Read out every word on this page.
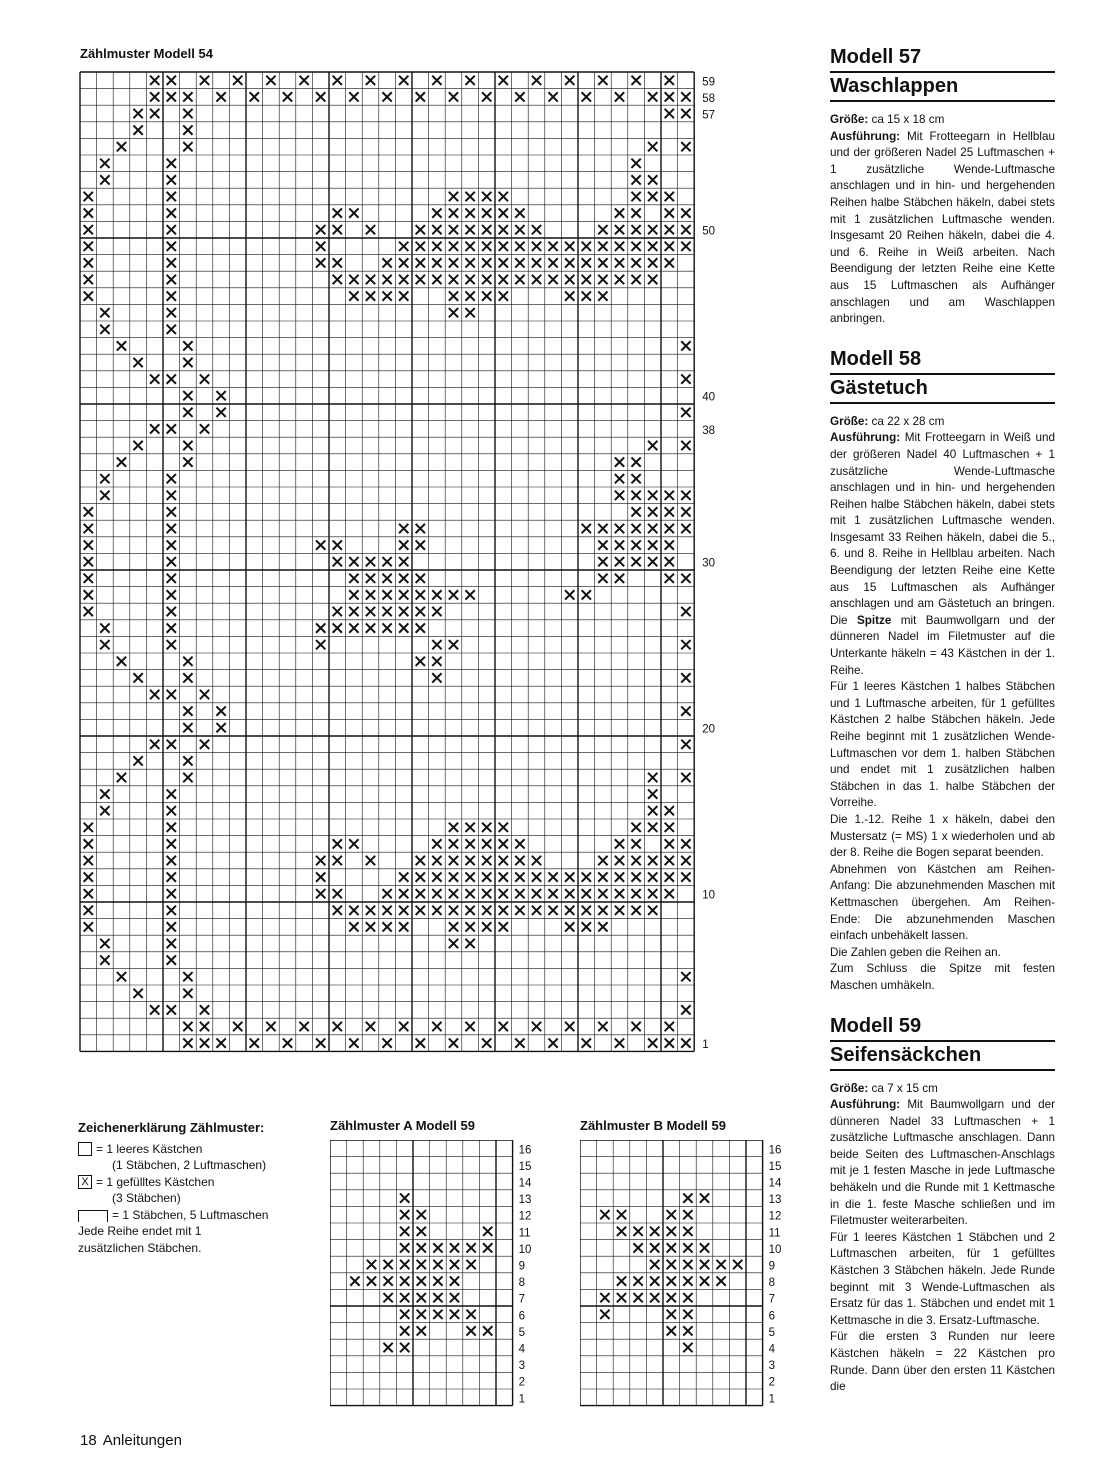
Zählmuster Modell 54
59
58
57
50
40
38
30
20
10
1
Modell 57
Waschlappen

Größe: ca 15 x 18 cm
Ausführung: Mit Frotteegarn in Hellblau und der größeren Nadel 25 Luftmaschen + 1 zusätzliche Wende-Luftmasche anschlagen und in hin- und hergehenden Reihen halbe Stäbchen häkeln, dabei stets mit 1 zusätzlichen Luftmasche wenden. Insgesamt 20 Reihen häkeln, dabei die 4. und 6. Reihe in Weiß arbeiten. Nach Beendigung der letzten Reihe eine Kette aus 15 Luftmaschen als Aufhänger anschlagen und am Waschlappen anbringen.

Modell 58
Gästetuch

Größe: ca 22 x 28 cm
Ausführung: Mit Frotteegarn in Weiß und der größeren Nadel 40 Luftmaschen + 1 zusätzliche Wende-Luftmasche anschlagen und in hin- und hergehenden Reihen halbe Stäbchen häkeln, dabei stets mit 1 zusätzlichen Luftmasche wenden. Insgesamt 33 Reihen häkeln, dabei die 5., 6. und 8. Reihe in Hellblau arbeiten. Nach Beendigung der letzten Reihe eine Kette aus 15 Luftmaschen als Aufhänger anschlagen und am Gästetuch an bringen. Die Spitze mit Baumwollgarn und der dünneren Nadel im Filetmuster auf die Unterkante häkeln = 43 Kästchen in der 1. Reihe.

Für 1 leeres Kästchen 1 halbes Stäbchen und 1 Luftmasche arbeiten, für 1 gefülltes Kästchen 2 halbe Stäbchen häkeln. Jede Reihe beginnt mit 1 zusätzlichen Wende-Luftmaschen vor dem 1. halben Stäbchen und endet mit 1 zusätzlichen halben Stäbchen in das 1. halbe Stäbchen der Vorreihe.

Die 1.-12. Reihe 1 x häkeln, dabei den Mustersatz (= MS) 1 x wiederholen und ab der 8. Reihe die Bogen separat beenden.

Abnehmen von Kästchen am Reihen-Anfang: Die abzunehmenden Maschen mit Kettmaschen übergehen. Am Reihen-Ende: Die abzunehmenden Maschen einfach unbehäkelt lassen.

Die Zahlen geben die Reihen an.

Zum Schluss die Spitze mit festen Maschen umhäkeln.

Modell 59
Seifensäckchen

Größe: ca 7 x 15 cm
Ausführung: Mit Baumwollgarn und der dünneren Nadel 33 Luftmaschen + 1 zusätzliche Luftmasche anschlagen. Dann beide Seiten des Luftmaschen-Anschlags mit je 1 festen Masche in jede Luftmasche behäkeln und die Runde mit 1 Kettmasche in die 1. feste Masche schließen und im Filetmuster weiterarbeiten.

Für 1 leeres Kästchen 1 Stäbchen und 2 Luftmaschen arbeiten, für 1 gefülltes Kästchen 3 Stäbchen häkeln. Jede Runde beginnt mit 3 Wende-Luftmaschen als Ersatz für das 1. Stäbchen und endet mit 1 Kettmasche in die 3. Ersatz-Luftmasche.

Für die ersten 3 Runden nur leere Kästchen häkeln = 22 Kästchen pro Runde. Dann über den ersten 11 Kästchen die

Zeichenerklärung Zählmuster:
= 1 leeres Kästchen
(1 Stäbchen, 2 Luftmaschen)
X = 1 gefülltes Kästchen
(3 Stäbchen)
= 1 Stäbchen, 5 Luftmaschen
Jede Reihe endet mit 1 zusätzlichen Stäbchen.
Zählmuster A Modell 59
16
15
14
13
12
11
10
9
8
7
6
5
4
3
2
1
Zählmuster B Modell 59
16
15
14
13
12
11
10
9
8
7
6
5
4
3
2
1
18 Anleitungen
